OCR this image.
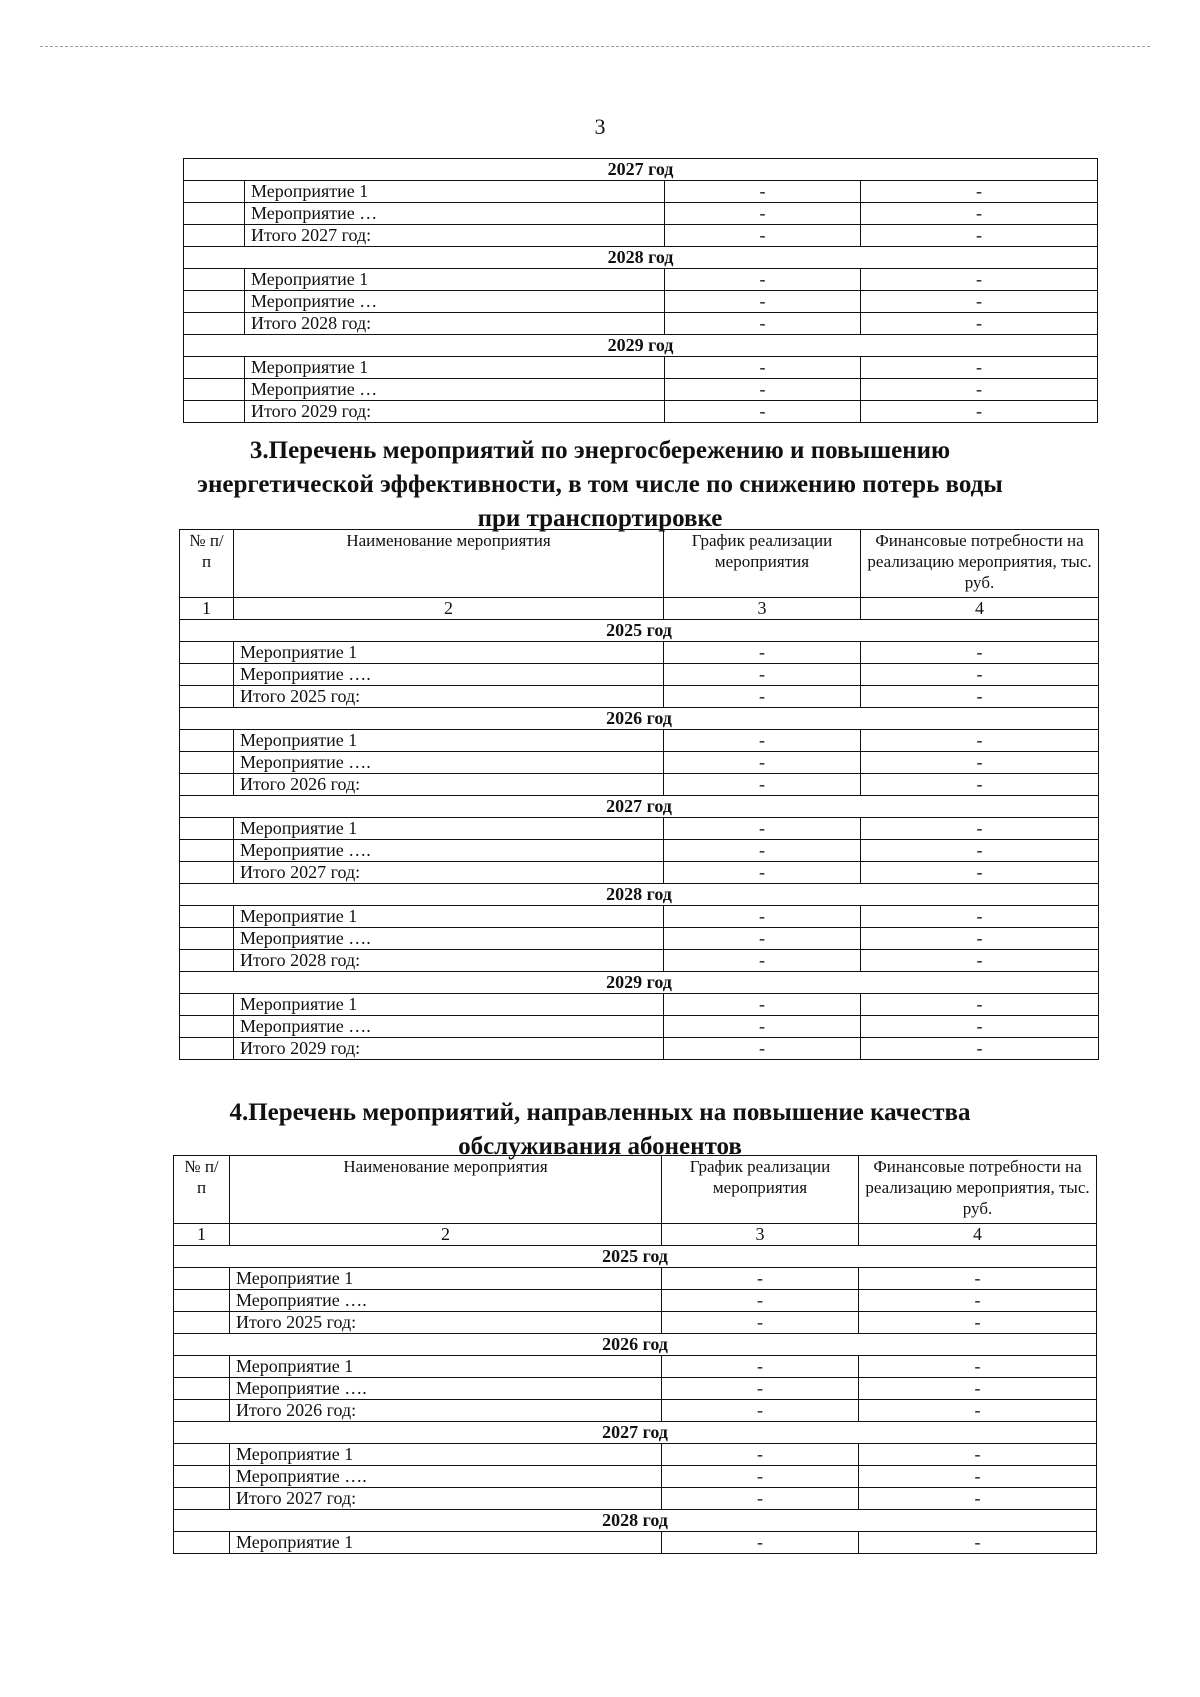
3
2027 год			
	Мероприятие 1	-	-
	Мероприятие …	-	-
	Итого 2027 год:	-	-
2028 год			
	Мероприятие 1	-	-
	Мероприятие …	-	-
	Итого 2028 год:	-	-
2029 год			
	Мероприятие 1	-	-
	Мероприятие …	-	-
	Итого 2029 год:	-	-
3.Перечень мероприятий по энергосбережению и повышению энергетической эффективности, в том числе по снижению потерь воды при транспортировке
№ п/п	Наименование мероприятия	График реализации мероприятия	Финансовые потребности на реализацию мероприятия, тыс. руб.
1	2	3	4
2025 год			
	Мероприятие 1	-	-
	Мероприятие ….	-	-
	Итого 2025 год:	-	-
2026 год			
	Мероприятие 1	-	-
	Мероприятие ….	-	-
	Итого 2026 год:	-	-
2027 год			
	Мероприятие 1	-	-
	Мероприятие ….	-	-
	Итого 2027 год:	-	-
2028 год			
	Мероприятие 1	-	-
	Мероприятие ….	-	-
	Итого 2028 год:	-	-
2029 год			
	Мероприятие 1	-	-
	Мероприятие ….	-	-
	Итого 2029 год:	-	-
4.Перечень мероприятий, направленных на повышение качества обслуживания абонентов
№ п/п	Наименование мероприятия	График реализации мероприятия	Финансовые потребности на реализацию мероприятия, тыс. руб.
1	2	3	4
2025 год			
	Мероприятие 1	-	-
	Мероприятие ….	-	-
	Итого 2025 год:	-	-
2026 год			
	Мероприятие 1	-	-
	Мероприятие ….	-	-
	Итого 2026 год:	-	-
2027 год			
	Мероприятие 1	-	-
	Мероприятие ….	-	-
	Итого 2027 год:	-	-
2028 год			
	Мероприятие 1	-	-
